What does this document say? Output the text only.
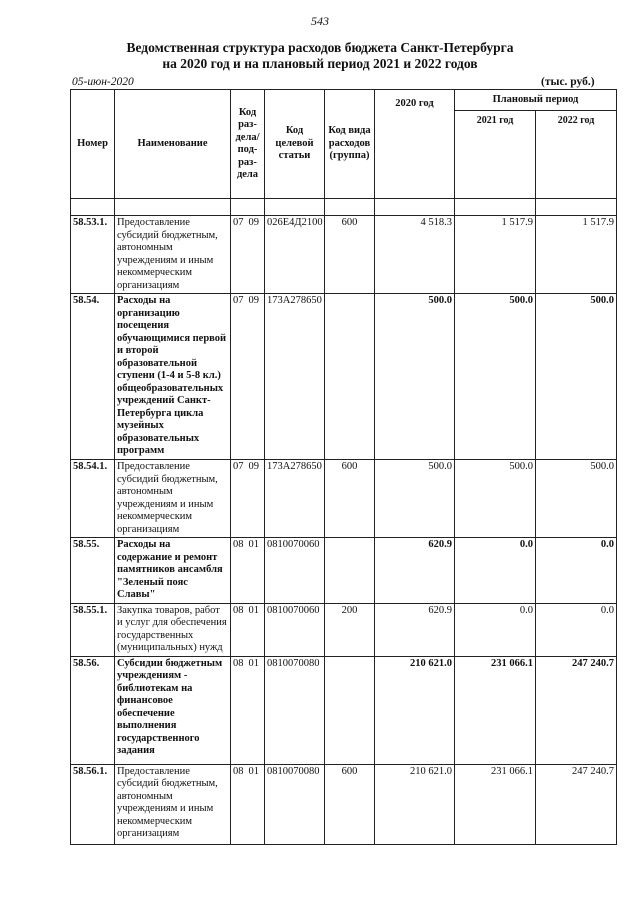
543
Ведомственная структура расходов бюджета Санкт-Петербурга
на 2020 год и на плановый период 2021 и 2022 годов
05-июн-2020	(тыс. руб.)
Номер	Наименование	Код раз-дела/ под-раз-дела	Код целевой статьи	Код вида расходов (группа)	2020 год	Плановый период	
						2021 год	2022 год

58.53.1.	Предоставление субсидий бюджетным, автономным учреждениям и иным некоммерческим организациям	07 09	026Е4Д2100	600	4 518.3	1 517.9	1 517.9
58.54.	Расходы на организацию посещения обучающимися первой и второй образовательной ступени (1-4 и 5-8 кл.) общеобразовательных учреждений Санкт-Петербурга цикла музейных образовательных программ	07 09	173А278650		500.0	500.0	500.0
58.54.1.	Предоставление субсидий бюджетным, автономным учреждениям и иным некоммерческим организациям	07 09	173А278650	600	500.0	500.0	500.0
58.55.	Расходы на содержание и ремонт памятников ансамбля "Зеленый пояс Славы"	08 01	0810070060		620.9	0.0	0.0
58.55.1.	Закупка товаров, работ и услуг для обеспечения государственных (муниципальных) нужд	08 01	0810070060	200	620.9	0.0	0.0
58.56.	Субсидии бюджетным учреждениям - библиотекам на финансовое обеспечение выполнения государственного задания	08 01	0810070080		210 621.0	231 066.1	247 240.7
58.56.1.	Предоставление субсидий бюджетным, автономным учреждениям и иным некоммерческим организациям	08 01	0810070080	600	210 621.0	231 066.1	247 240.7
